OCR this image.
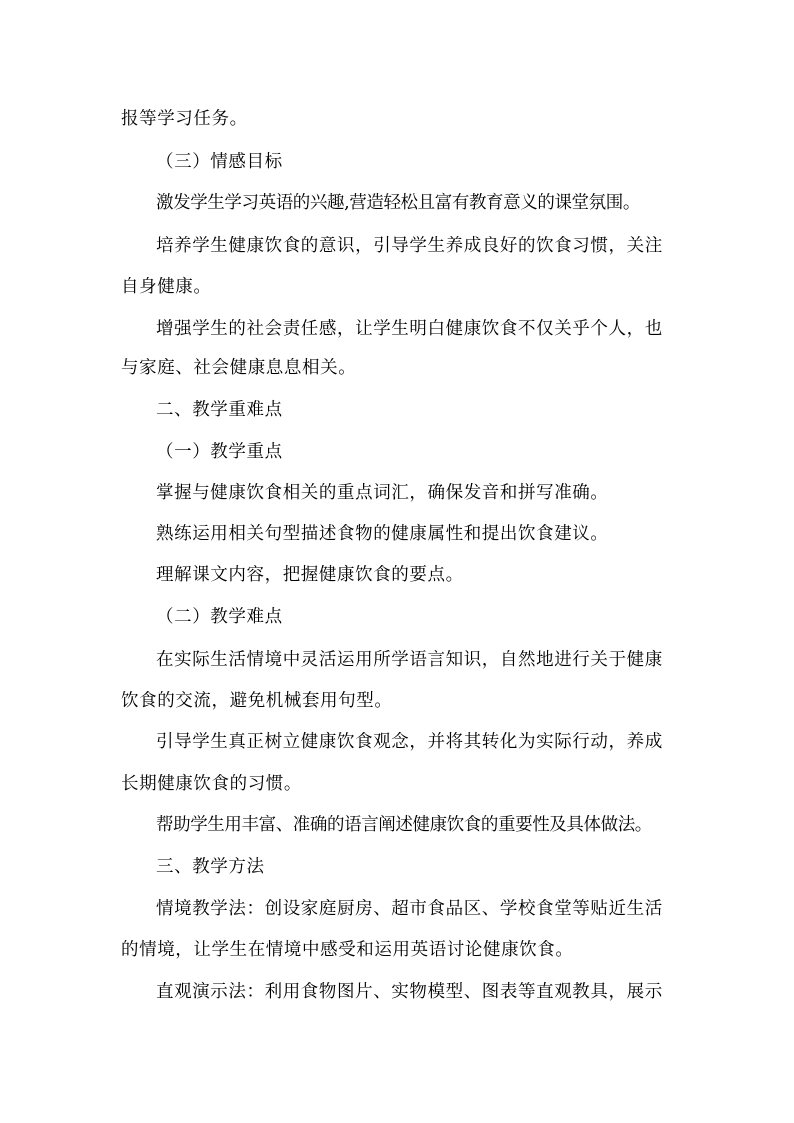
报等学习任务。
（三）情感目标
激发学生学习英语的兴趣,营造轻松且富有教育意义的课堂氛围。
培养学生健康饮食的意识，引导学生养成良好的饮食习惯，关注
自身健康。
增强学生的社会责任感，让学生明白健康饮食不仅关乎个人，也
与家庭、社会健康息息相关。
二、教学重难点
（一）教学重点
掌握与健康饮食相关的重点词汇，确保发音和拼写准确。
熟练运用相关句型描述食物的健康属性和提出饮食建议。
理解课文内容，把握健康饮食的要点。
（二）教学难点
在实际生活情境中灵活运用所学语言知识，自然地进行关于健康
饮食的交流，避免机械套用句型。
引导学生真正树立健康饮食观念，并将其转化为实际行动，养成
长期健康饮食的习惯。
帮助学生用丰富、准确的语言阐述健康饮食的重要性及具体做法。
三、教学方法
情境教学法：创设家庭厨房、超市食品区、学校食堂等贴近生活
的情境，让学生在情境中感受和运用英语讨论健康饮食。
直观演示法：利用食物图片、实物模型、图表等直观教具，展示
